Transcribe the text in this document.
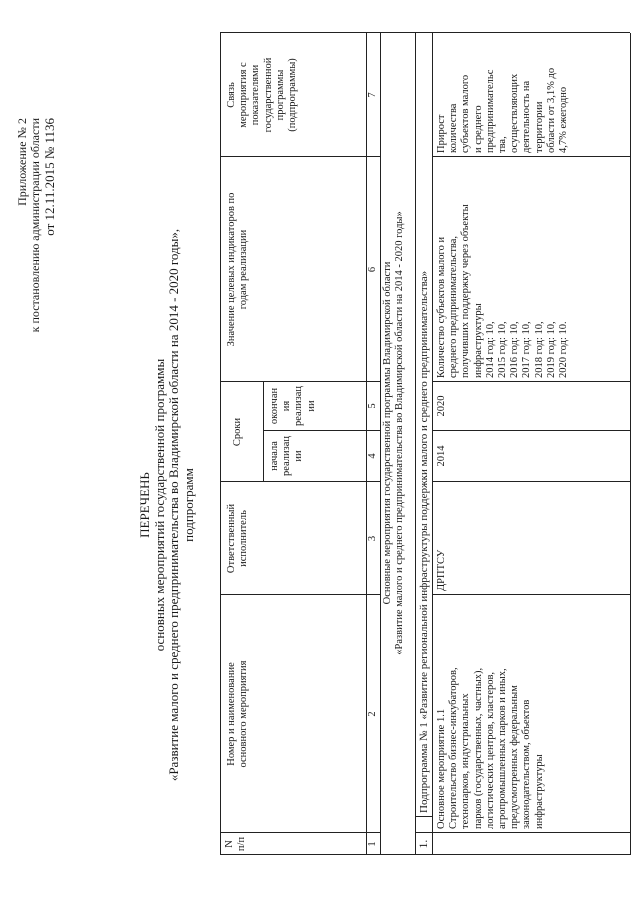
Приложение № 2 к постановлению администрации области от 12.11.2015 № 1136
ПЕРЕЧЕНЬ основных мероприятий государственной программы «Развитие малого и среднего предпринимательства во Владимирской области на 2014 - 2020 годы», подпрограмм
N
п/п
Номер и наименование
основного мероприятия
Ответственный
исполнитель
Сроки
начала
реализац
ии
окончан
ия
реализац
ии
Значение целевых индикаторов по
годам реализации
Связь
мероприятия с
показателями
государственной
программы
(подпрограммы)
1
2
3
4
5
6
7
Основные мероприятия государственной программы Владимирской области «Развитие малого и среднего предпринимательства во Владимирской области на 2014 - 2020 годы»
1.
Подпрограмма № 1 «Развитие региональной инфраструктуры поддержки малого и среднего предпринимательства» Основное мероприятие 1.1
Строительство бизнес-инкубаторов,
технопарков, индустриальных
парков (государственных, частных),
логистических центров, кластеров,
агропромышленных парков и иных,
предусмотренных федеральным
законодательством, объектов
инфраструктуры
ДРПТСУ
2014
2020
Количество субъектов малого и
среднего предпринимательства,
получивших поддержку через объекты
инфраструктуры
2014 год: 10,
2015 год: 10,
2016 год: 10,
2017 год: 10,
2018 год: 10,
2019 год: 10,
2020 год: 10.
Прирост
количества
субъектов малого
и среднего
предпринимательс
тва,
осуществляющих
деятельность на
территории
области от 3,1% до
4,7% ежегодно
